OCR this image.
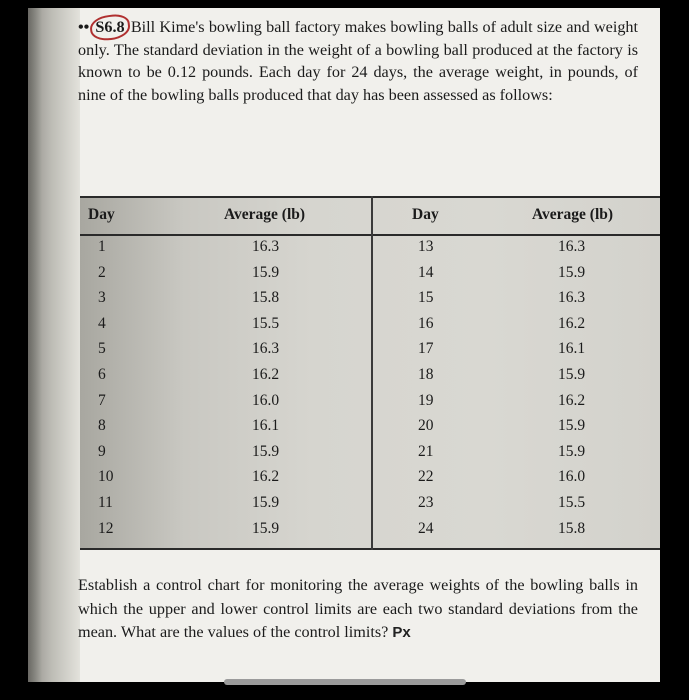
•• S6.8 Bill Kime's bowling ball factory makes bowling balls of adult size and weight only. The standard deviation in the weight of a bowling ball produced at the factory is known to be 0.12 pounds. Each day for 24 days, the average weight, in pounds, of nine of the bowling balls produced that day has been assessed as follows:
Day	Average (lb)	Day	Average (lb)
1	16.3	13	16.3
2	15.9	14	15.9
3	15.8	15	16.3
4	15.5	16	16.2
5	16.3	17	16.1
6	16.2	18	15.9
7	16.0	19	16.2
8	16.1	20	15.9
9	15.9	21	15.9
10	16.2	22	16.0
11	15.9	23	15.5
12	15.9	24	15.8
Establish a control chart for monitoring the average weights of the bowling balls in which the upper and lower control limits are each two standard deviations from the mean. What are the values of the control limits? Px
